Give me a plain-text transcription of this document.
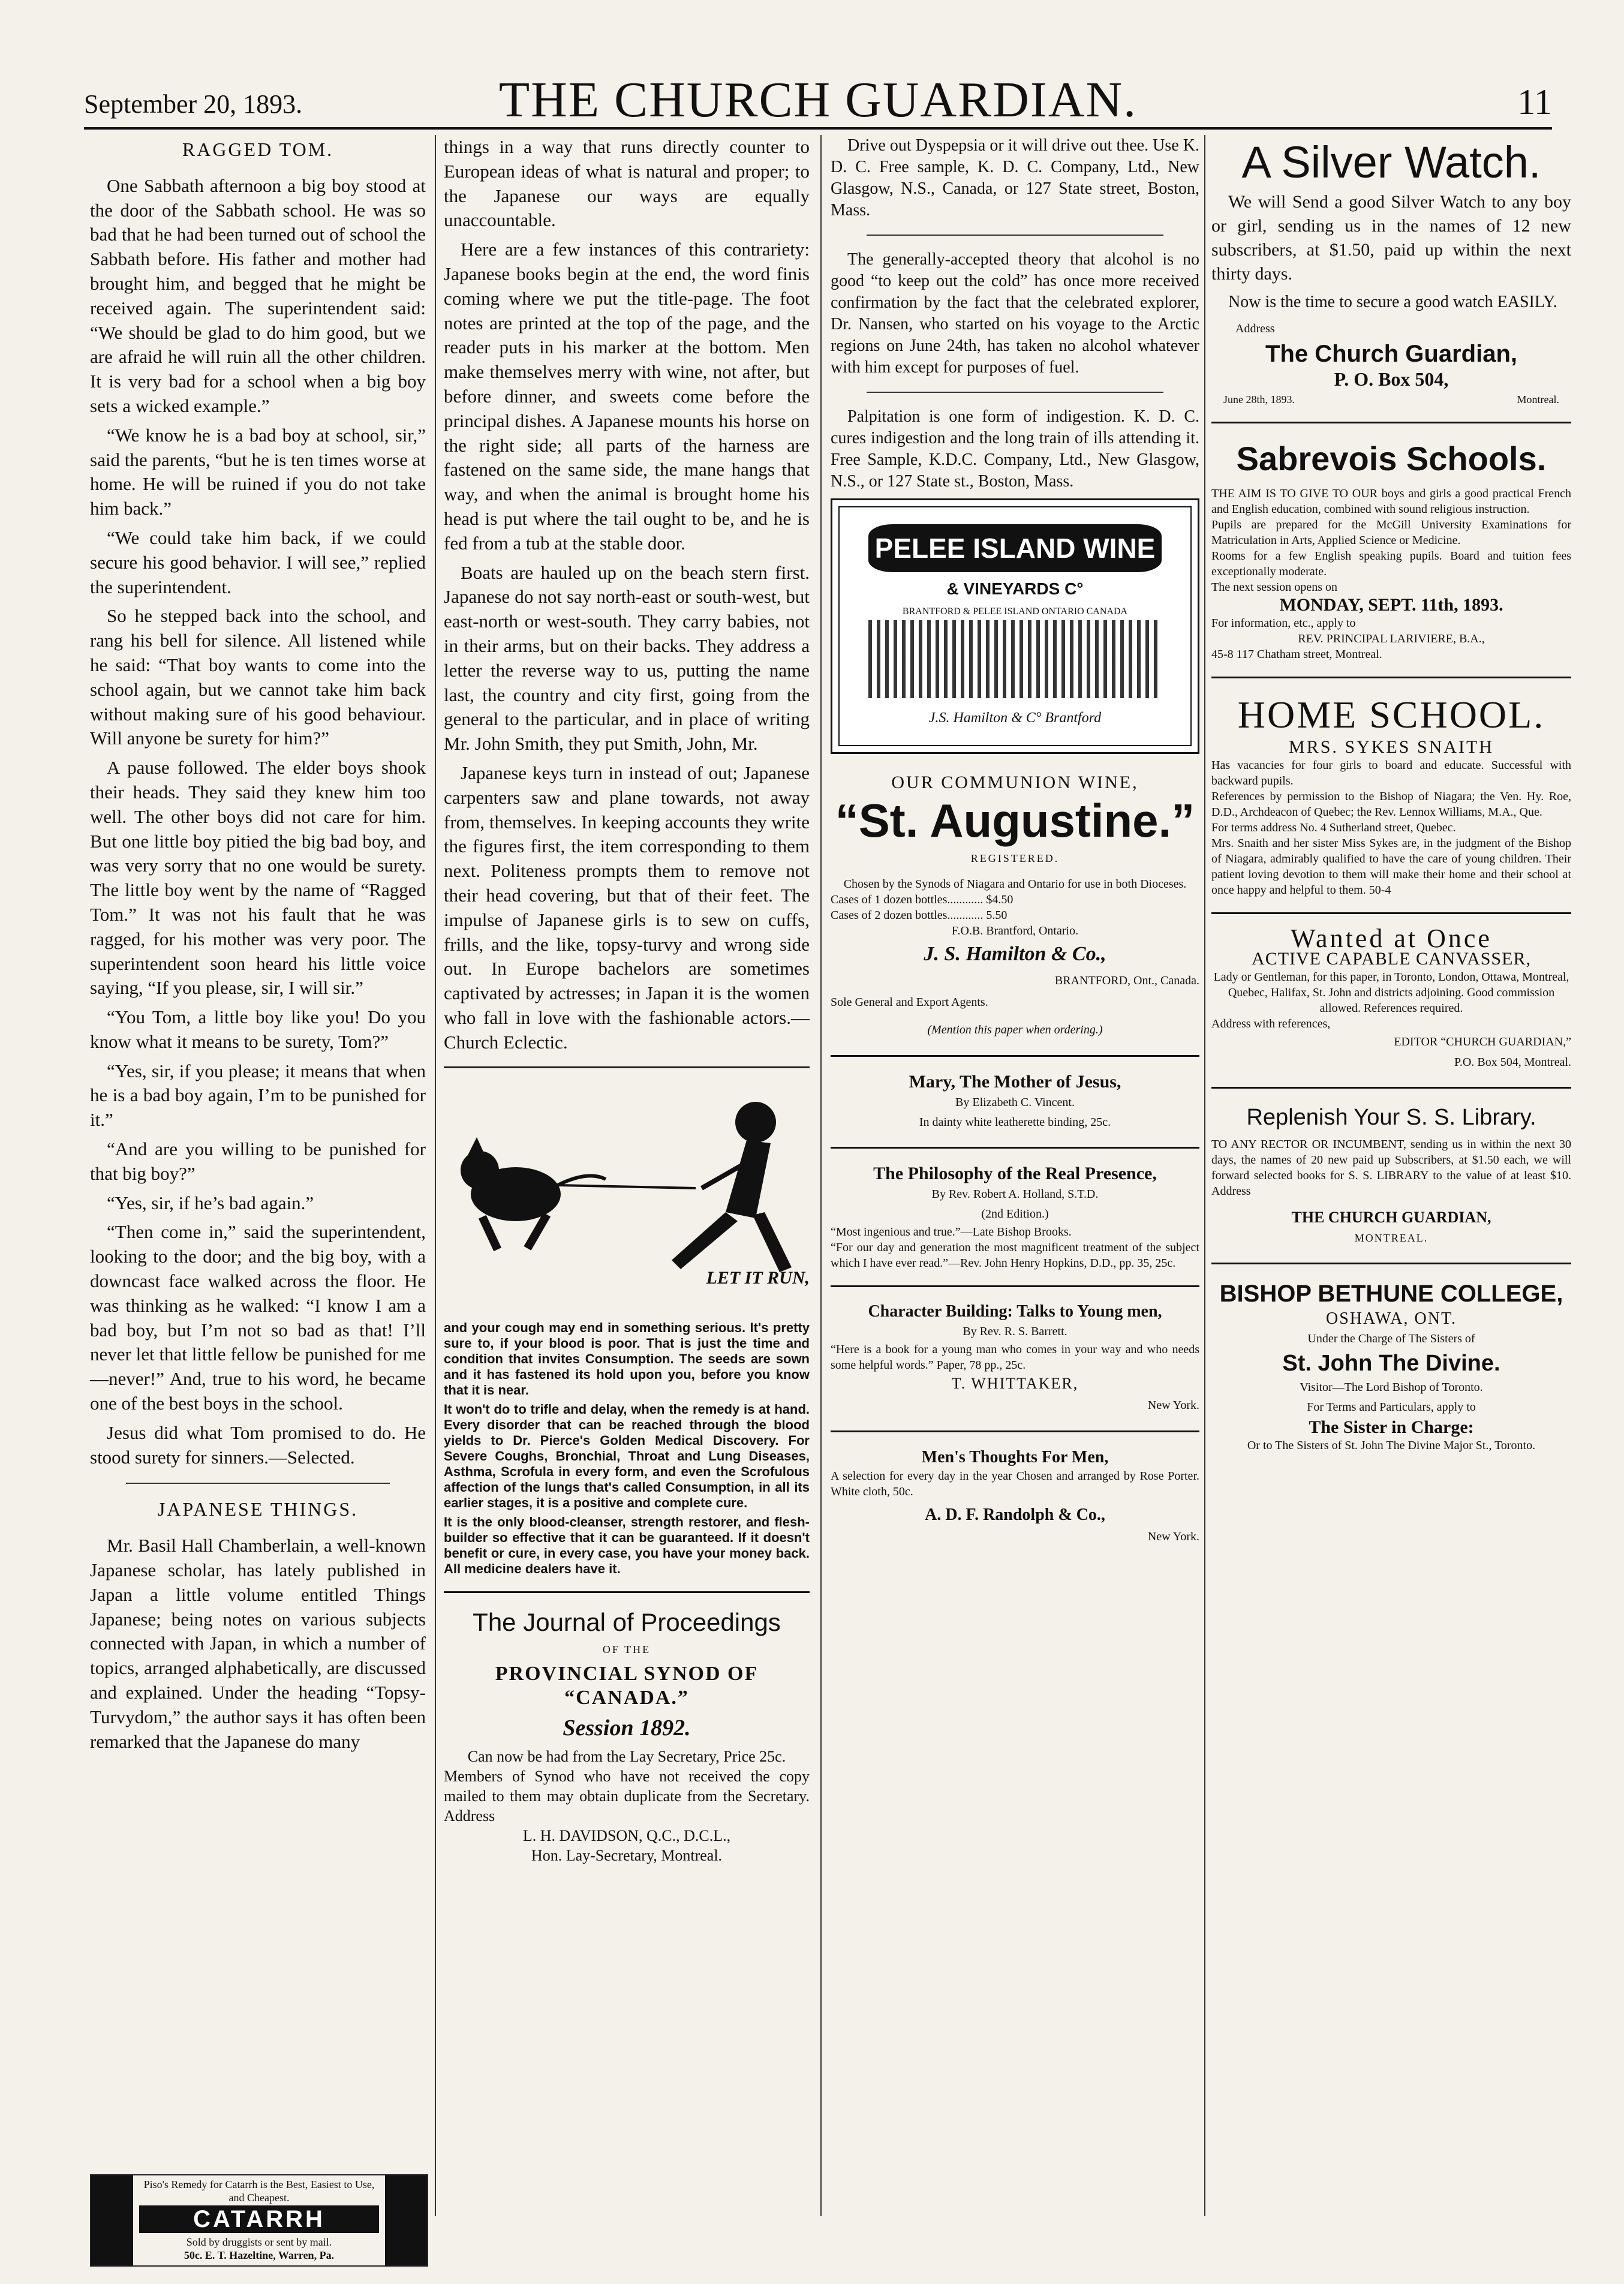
September 20, 1893.	THE CHURCH GUARDIAN.	11
RAGGED TOM.

One Sabbath afternoon a big boy stood at the door of the Sabbath school. He was so bad that he had been turned out of school the Sabbath before. His father and mother had brought him, and begged that he might be received again. The superintendent said: “We should be glad to do him good, but we are afraid he will ruin all the other children. It is very bad for a school when a big boy sets a wicked example.”

“We know he is a bad boy at school, sir,” said the parents, “but he is ten times worse at home. He will be ruined if you do not take him back.”

“We could take him back, if we could secure his good behavior. I will see,” replied the superintendent.

So he stepped back into the school, and rang his bell for silence. All listened while he said: “That boy wants to come into the school again, but we cannot take him back without making sure of his good behaviour. Will anyone be surety for him?”

A pause followed. The elder boys shook their heads. They said they knew him too well. The other boys did not care for him. But one little boy pitied the big bad boy, and was very sorry that no one would be surety. The little boy went by the name of “Ragged Tom.” It was not his fault that he was ragged, for his mother was very poor. The superintendent soon heard his little voice saying, “If you please, sir, I will sir.”

“You Tom, a little boy like you! Do you know what it means to be surety, Tom?”

“Yes, sir, if you please; it means that when he is a bad boy again, I’m to be punished for it.”

“And are you willing to be punished for that big boy?”

“Yes, sir, if he’s bad again.”

“Then come in,” said the superintendent, looking to the door; and the big boy, with a downcast face walked across the floor. He was thinking as he walked: “I know I am a bad boy, but I’m not so bad as that! I’ll never let that little fellow be punished for me—never!” And, true to his word, he became one of the best boys in the school.

Jesus did what Tom promised to do. He stood surety for sinners.—Selected.

JAPANESE THINGS.

Mr. Basil Hall Chamberlain, a well-known Japanese scholar, has lately published in Japan a little volume entitled Things Japanese; being notes on various subjects connected with Japan, in which a number of topics, arranged alphabetically, are discussed and explained. Under the heading “Topsy-Turvydom,” the author says it has often been remarked that the Japanese do many

Piso's Remedy for Catarrh is the Best, Easiest to Use, and Cheapest.
CATARRH
Sold by druggists or sent by mail.
50c. E. T. Hazeltine, Warren, Pa.

things in a way that runs directly counter to European ideas of what is natural and proper; to the Japanese our ways are equally unaccountable.

Here are a few instances of this contrariety: Japanese books begin at the end, the word finis coming where we put the title-page. The foot notes are printed at the top of the page, and the reader puts in his marker at the bottom. Men make themselves merry with wine, not after, but before dinner, and sweets come before the principal dishes. A Japanese mounts his horse on the right side; all parts of the harness are fastened on the same side, the mane hangs that way, and when the animal is brought home his head is put where the tail ought to be, and he is fed from a tub at the stable door.

Boats are hauled up on the beach stern first. Japanese do not say north-east or south-west, but east-north or west-south. They carry babies, not in their arms, but on their backs. They address a letter the reverse way to us, putting the name last, the country and city first, going from the general to the particular, and in place of writing Mr. John Smith, they put Smith, John, Mr.

Japanese keys turn in instead of out; Japanese carpenters saw and plane towards, not away from, themselves. In keeping accounts they write the figures first, the item corresponding to them next. Politeness prompts them to remove not their head covering, but that of their feet. The impulse of Japanese girls is to sew on cuffs, frills, and the like, topsy-turvy and wrong side out. In Europe bachelors are sometimes captivated by actresses; in Japan it is the women who fall in love with the fashionable actors.—Church Eclectic.

LET IT RUN,
and your cough may end in something serious. It's pretty sure to, if your blood is poor. That is just the time and condition that invites Consumption. The seeds are sown and it has fastened its hold upon you, before you know that it is near.
It won't do to trifle and delay, when the remedy is at hand. Every disorder that can be reached through the blood yields to Dr. Pierce's Golden Medical Discovery. For Severe Coughs, Bronchial, Throat and Lung Diseases, Asthma, Scrofula in every form, and even the Scrofulous affection of the lungs that's called Consumption, in all its earlier stages, it is a positive and complete cure.
It is the only blood-cleanser, strength restorer, and flesh-builder so effective that it can be guaranteed. If it doesn't benefit or cure, in every case, you have your money back. All medicine dealers have it.
The Journal of Proceedings
OF THE
PROVINCIAL SYNOD OF “CANADA.”
Session 1892.
Can now be had from the Lay Secretary, Price 25c.
Members of Synod who have not received the copy mailed to them may obtain duplicate from the Secretary. Address
L. H. DAVIDSON, Q.C., D.C.L.,
Hon. Lay-Secretary, Montreal.

Drive out Dyspepsia or it will drive out thee. Use K. D. C. Free sample, K. D. C. Company, Ltd., New Glasgow, N.S., Canada, or 127 State street, Boston, Mass.

The generally-accepted theory that alcohol is no good “to keep out the cold” has once more received confirmation by the fact that the celebrated explorer, Dr. Nansen, who started on his voyage to the Arctic regions on June 24th, has taken no alcohol whatever with him except for purposes of fuel.

Palpitation is one form of indigestion. K. D. C. cures indigestion and the long train of ills attending it. Free Sample, K.D.C. Company, Ltd., New Glasgow, N.S., or 127 State st., Boston, Mass.

PELEE ISLAND WINE
& VINEYARDS C°
BRANTFORD & PELEE ISLAND ONTARIO CANADA
J.S. Hamilton & C° Brantford
OUR COMMUNION WINE,
“St. Augustine.”
REGISTERED.
Chosen by the Synods of Niagara and Ontario for use in both Dioceses.
Cases of 1 dozen bottles............ $4.50
Cases of 2 dozen bottles............ 5.50
F.O.B. Brantford, Ontario.
J. S. Hamilton & Co.,
BRANTFORD, Ont., Canada.
Sole General and Export Agents.
(Mention this paper when ordering.)
Mary, The Mother of Jesus,
By Elizabeth C. Vincent.
In dainty white leatherette binding, 25c.
The Philosophy of the Real Presence,
By Rev. Robert A. Holland, S.T.D.
(2nd Edition.)
“Most ingenious and true.”—Late Bishop Brooks.
“For our day and generation the most magnificent treatment of the subject which I have ever read.”—Rev. John Henry Hopkins, D.D., pp. 35, 25c.
Character Building: Talks to Young men,
By Rev. R. S. Barrett.
“Here is a book for a young man who comes in your way and who needs some helpful words.” Paper, 78 pp., 25c.
T. WHITTAKER,
New York.
Men's Thoughts For Men,
A selection for every day in the year Chosen and arranged by Rose Porter. White cloth, 50c.
A. D. F. Randolph & Co.,
New York.
A Silver Watch.

We will Send a good Silver Watch to any boy or girl, sending us in the names of 12 new subscribers, at $1.50, paid up within the next thirty days.

Now is the time to secure a good watch EASILY.

Address
The Church Guardian,
P. O. Box 504,
June 28th, 1893.	Montreal.
Sabrevois Schools.
THE AIM IS TO GIVE TO OUR boys and girls a good practical French and English education, combined with sound religious instruction.
Pupils are prepared for the McGill University Examinations for Matriculation in Arts, Applied Science or Medicine.
Rooms for a few English speaking pupils. Board and tuition fees exceptionally moderate.
The next session opens on
MONDAY, SEPT. 11th, 1893.
For information, etc., apply to
REV. PRINCIPAL LARIVIERE, B.A.,
45-8 117 Chatham street, Montreal.
HOME SCHOOL.
MRS. SYKES SNAITH
Has vacancies for four girls to board and educate. Successful with backward pupils.
References by permission to the Bishop of Niagara; the Ven. Hy. Roe, D.D., Archdeacon of Quebec; the Rev. Lennox Williams, M.A., Que.
For terms address No. 4 Sutherland street, Quebec.
Mrs. Snaith and her sister Miss Sykes are, in the judgment of the Bishop of Niagara, admirably qualified to have the care of young children. Their patient loving devotion to them will make their home and their school at once happy and helpful to them. 50-4
Wanted at Once
ACTIVE CAPABLE CANVASSER,
Lady or Gentleman, for this paper, in Toronto, London, Ottawa, Montreal, Quebec, Halifax, St. John and districts adjoining. Good commission allowed. References required.
Address with references,
EDITOR “CHURCH GUARDIAN,”
P.O. Box 504, Montreal.
Replenish Your S. S. Library.
TO ANY RECTOR OR INCUMBENT, sending us in within the next 30 days, the names of 20 new paid up Subscribers, at $1.50 each, we will forward selected books for S. S. LIBRARY to the value of at least $10. Address
THE CHURCH GUARDIAN,
MONTREAL.
BISHOP BETHUNE COLLEGE,
OSHAWA, ONT.
Under the Charge of The Sisters of
St. John The Divine.
Visitor—The Lord Bishop of Toronto.
For Terms and Particulars, apply to
The Sister in Charge:
Or to The Sisters of St. John The Divine Major St., Toronto.
